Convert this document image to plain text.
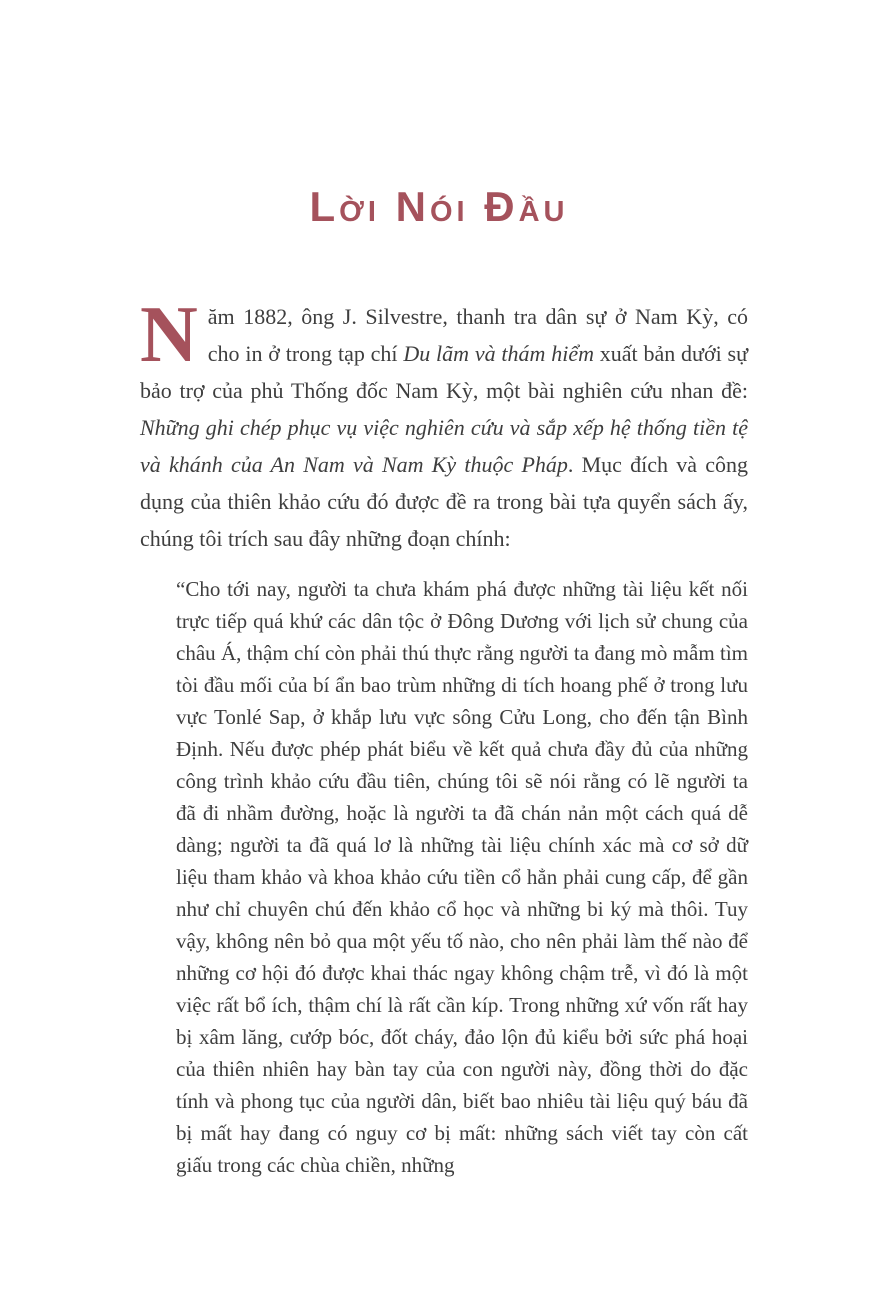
Lời Nói Đầu

Năm 1882, ông J. Silvestre, thanh tra dân sự ở Nam Kỳ, có cho in ở trong tạp chí Du lãm và thám hiểm xuất bản dưới sự bảo trợ của phủ Thống đốc Nam Kỳ, một bài nghiên cứu nhan đề: Những ghi chép phục vụ việc nghiên cứu và sắp xếp hệ thống tiền tệ và khánh của An Nam và Nam Kỳ thuộc Pháp. Mục đích và công dụng của thiên khảo cứu đó được đề ra trong bài tựa quyển sách ấy, chúng tôi trích sau đây những đoạn chính:

“Cho tới nay, người ta chưa khám phá được những tài liệu kết nối trực tiếp quá khứ các dân tộc ở Đông Dương với lịch sử chung của châu Á, thậm chí còn phải thú thực rằng người ta đang mò mẫm tìm tòi đầu mối của bí ẩn bao trùm những di tích hoang phế ở trong lưu vực Tonlé Sap, ở khắp lưu vực sông Cửu Long, cho đến tận Bình Định. Nếu được phép phát biểu về kết quả chưa đầy đủ của những công trình khảo cứu đầu tiên, chúng tôi sẽ nói rằng có lẽ người ta đã đi nhầm đường, hoặc là người ta đã chán nản một cách quá dễ dàng; người ta đã quá lơ là những tài liệu chính xác mà cơ sở dữ liệu tham khảo và khoa khảo cứu tiền cổ hẳn phải cung cấp, để gần như chỉ chuyên chú đến khảo cổ học và những bi ký mà thôi. Tuy vậy, không nên bỏ qua một yếu tố nào, cho nên phải làm thế nào để những cơ hội đó được khai thác ngay không chậm trễ, vì đó là một việc rất bổ ích, thậm chí là rất cần kíp. Trong những xứ vốn rất hay bị xâm lăng, cướp bóc, đốt cháy, đảo lộn đủ kiểu bởi sức phá hoại của thiên nhiên hay bàn tay của con người này, đồng thời do đặc tính và phong tục của người dân, biết bao nhiêu tài liệu quý báu đã bị mất hay đang có nguy cơ bị mất: những sách viết tay còn cất giấu trong các chùa chiền, những
